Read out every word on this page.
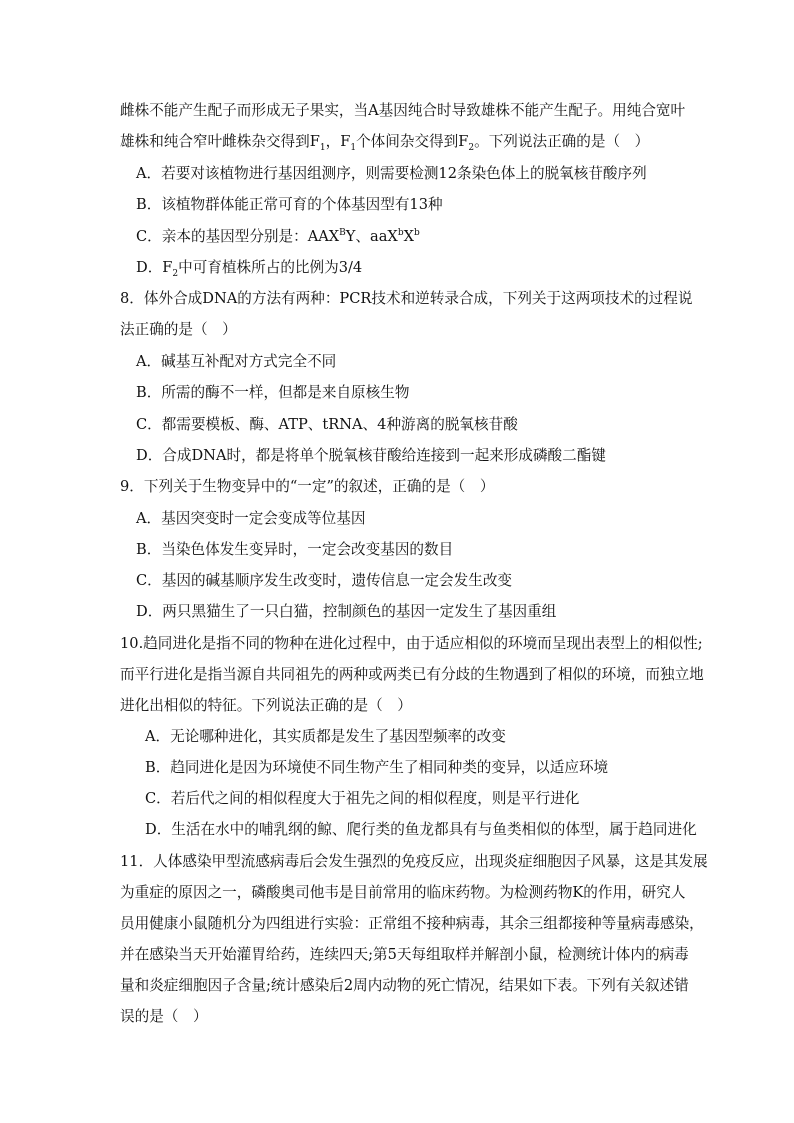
雌株不能产生配子而形成无子果实，当A基因纯合时导致雄株不能产生配子。用纯合宽叶
雄株和纯合窄叶雌株杂交得到$F_1$，$F_1$个体间杂交得到$F_2$。下列说法正确的是（　）
A．若要对该植物进行基因组测序，则需要检测12条染色体上的脱氧核苷酸序列
B．该植物群体能正常可育的个体基因型有13种
C．亲本的基因型分别是：$AAX^BY$、$aaX^bX^b$
D．$F_2$中可育植株所占的比例为3/4
8．体外合成DNA的方法有两种：PCR技术和逆转录合成，下列关于这两项技术的过程说
法正确的是（　）
A．碱基互补配对方式完全不同
B．所需的酶不一样，但都是来自原核生物
C．都需要模板、酶、ATP、tRNA、4种游离的脱氧核苷酸
D．合成DNA时，都是将单个脱氧核苷酸给连接到一起来形成磷酸二酯键
9．下列关于生物变异中的“一定”的叙述，正确的是（　）
A．基因突变时一定会变成等位基因
B．当染色体发生变异时，一定会改变基因的数目
C．基因的碱基顺序发生改变时，遗传信息一定会发生改变
D．两只黑猫生了一只白猫，控制颜色的基因一定发生了基因重组
10.趋同进化是指不同的物种在进化过程中，由于适应相似的环境而呈现出表型上的相似性;
而平行进化是指当源自共同祖先的两种或两类已有分歧的生物遇到了相似的环境，而独立地
进化出相似的特征。下列说法正确的是（　）
A．无论哪种进化，其实质都是发生了基因型频率的改变
B．趋同进化是因为环境使不同生物产生了相同种类的变异，以适应环境
C．若后代之间的相似程度大于祖先之间的相似程度，则是平行进化
D．生活在水中的哺乳纲的鲸、爬行类的鱼龙都具有与鱼类相似的体型，属于趋同进化
11．人体感染甲型流感病毒后会发生强烈的免疫反应，出现炎症细胞因子风暴，这是其发展
为重症的原因之一，磷酸奥司他韦是目前常用的临床药物。为检测药物K的作用，研究人
员用健康小鼠随机分为四组进行实验：正常组不接种病毒，其余三组都接种等量病毒感染，
并在感染当天开始灌胃给药，连续四天;第5天每组取样并解剖小鼠，检测统计体内的病毒
量和炎症细胞因子含量;统计感染后2周内动物的死亡情况，结果如下表。下列有关叙述错
误的是（　）
